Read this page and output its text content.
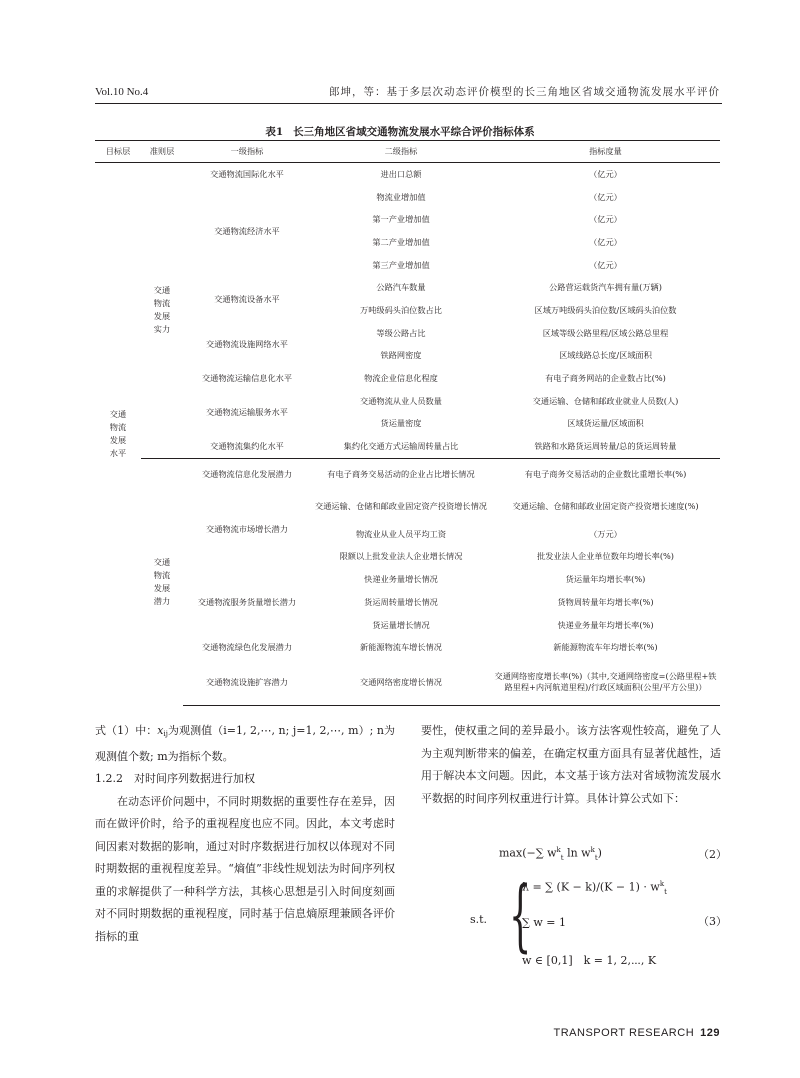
Vol.10 No.4	郎坤，等：基于多层次动态评价模型的长三角地区省域交通物流发展水平评价
表1 长三角地区省域交通物流发展水平综合评价指标体系
目标层	准则层	一级指标	二级指标	指标度量
交通物流发展水平	交通物流发展实力	交通物流国际化水平	进出口总额	（亿元）
		交通物流经济水平	物流业增加值	（亿元）
			第一产业增加值	（亿元）
			第二产业增加值	（亿元）
			第三产业增加值	（亿元）
		交通物流设备水平	公路汽车数量	公路营运载货汽车拥有量(万辆)
			万吨级码头泊位数占比	区域万吨级码头泊位数/区域码头泊位数
		交通物流设施网络水平	等级公路占比	区域等级公路里程/区域公路总里程
			铁路网密度	区域线路总长度/区域面积
		交通物流运输信息化水平	物流企业信息化程度	有电子商务网站的企业数占比(%)
		交通物流运输服务水平	交通物流从业人员数量	交通运输、仓储和邮政业就业人员数(人)
			货运量密度	区域货运量/区域面积
		交通物流集约化水平	集约化交通方式运输周转量占比	铁路和水路货运周转量/总的货运周转量
	交通物流发展潜力	交通物流信息化发展潜力	有电子商务交易活动的企业占比增长情况	有电子商务交易活动的企业数比重增长率(%)
		交通物流市场增长潜力	交通运输、仓储和邮政业固定资产投资增长情况	交通运输、仓储和邮政业固定资产投资增长速度(%)
			物流业从业人员平均工资	（万元）
			限额以上批发业法人企业增长情况	批发业法人企业单位数年均增长率(%)
		交通物流服务货量增长潜力	快递业务量增长情况	货运量年均增长率(%)
			货运周转量增长情况	货物周转量年均增长率(%)
			货运量增长情况	快递业务量年均增长率(%)
		交通物流绿色化发展潜力	新能源物流车增长情况	新能源物流车年均增长率(%)
		交通物流设施扩容潜力	交通网络密度增长情况	交通网络密度增长率(%)（其中,交通网络密度=(公路里程+铁路里程+内河航道里程)/行政区域面积(公里/平方公里)）

式（1）中：$x_{ij}$为观测值（i=1, 2,⋯, n; j=1, 2,⋯, m）; n为观测值个数; m为指标个数。

1.2.2　对时间序列数据进行加权

在动态评价问题中，不同时期数据的重要性存在差异，因而在做评价时，给予的重视程度也应不同。因此，本文考虑时间因素对数据的影响，通过对时序数据进行加权以体现对不同时期数据的重视程度差异。“熵值”非线性规划法为时间序列权重的求解提供了一种科学方法，其核心思想是引入时间度刻画对不同时期数据的重视程度，同时基于信息熵原理兼顾各评价指标的重

要性，使权重之间的差异最小。该方法客观性较高，避免了人为主观判断带来的偏差，在确定权重方面具有显著优越性，适用于解决本文问题。因此，本文基于该方法对省域物流发展水平数据的时间序列权重进行计算。具体计算公式如下：

max(−∑ $w^k_t$ $\ln w^k_t$)	（2）
s.t. {
λ = ∑ $(K - k)/(K - 1) \cdot w^k_t$
∑ w = 1
w ∈ [0,1]　k = 1, 2,⋯, K
（3）
TRANSPORT RESEARCH 129
